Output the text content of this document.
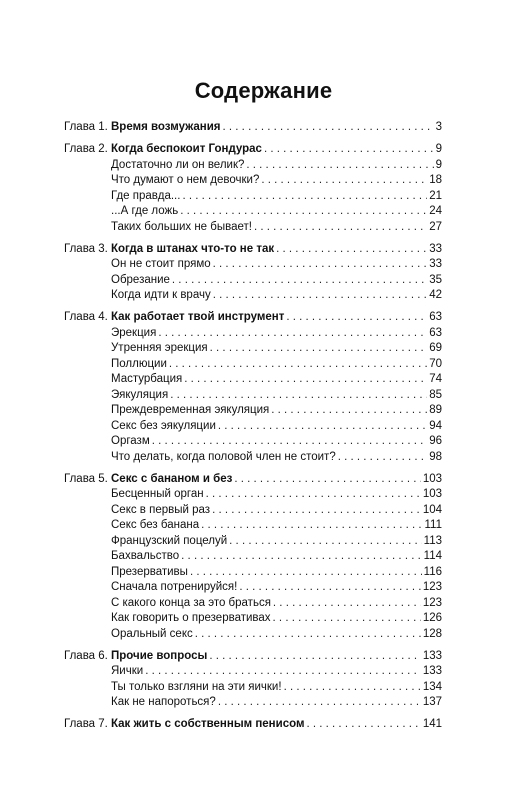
Содержание
Глава 1. Время возмужания . . .	3
Глава 2. Когда беспокоит Гондурас . . .	9
Достаточно ли он велик? . . .	9
Что думают о нем девочки? . . .	18
Где правда... . . .	21
...А где ложь . . .	24
Таких больших не бывает! . . .	27
Глава 3. Когда в штанах что-то не так . . .	33
Он не стоит прямо . . .	33
Обрезание . . .	35
Когда идти к врачу . . .	42
Глава 4. Как работает твой инструмент . . .	63
Эрекция . . .	63
Утренняя эрекция . . .	69
Поллюции . . .	70
Мастурбация . . .	74
Эякуляция . . .	85
Преждевременная эякуляция . . .	89
Секс без эякуляции . . .	94
Оргазм . . .	96
Что делать, когда половой член не стоит? . . .	98
Глава 5. Секс с бананом и без . . .	103
Бесценный орган . . .	103
Секс в первый раз . . .	104
Секс без банана . . .	111
Французский поцелуй . . .	113
Бахвальство . . .	114
Презервативы . . .	116
Сначала потренируйся! . . .	123
С какого конца за это браться . . .	123
Как говорить о презервативах . . .	126
Оральный секс . . .	128
Глава 6. Прочие вопросы . . .	133
Яички . . .	133
Ты только взгляни на эти яички! . . .	134
Как не напороться? . . .	137
Глава 7. Как жить с собственным пенисом . . .	141
